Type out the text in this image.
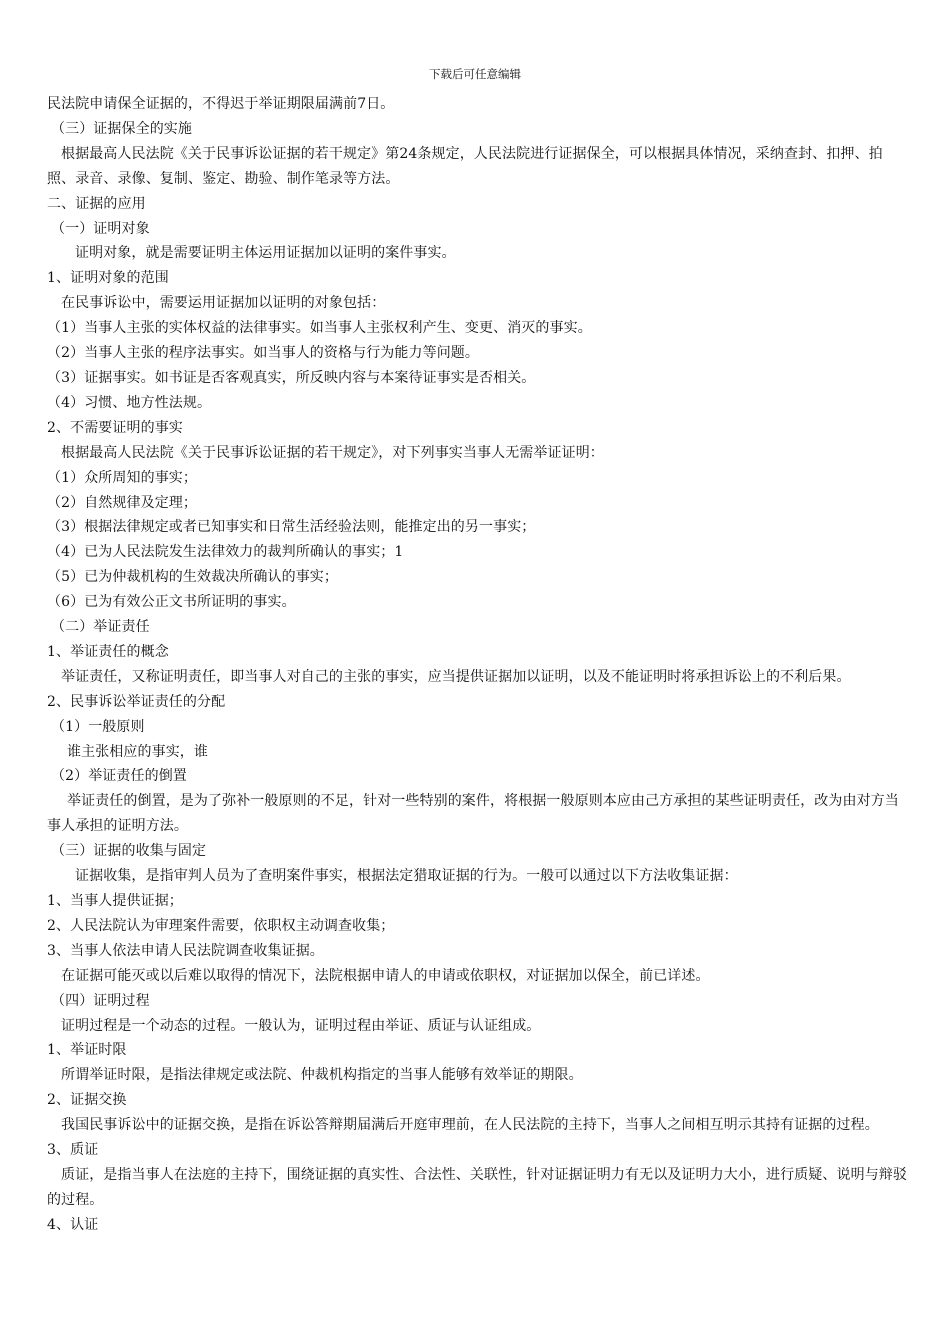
下载后可任意编辑

民法院申请保全证据的，不得迟于举证期限届满前7日。

（三）证据保全的实施

根据最高人民法院《关于民事诉讼证据的若干规定》第24条规定，人民法院进行证据保全，可以根据具体情况，采纳查封、扣押、拍照、录音、录像、复制、鉴定、勘验、制作笔录等方法。

二、证据的应用

（一）证明对象

证明对象，就是需要证明主体运用证据加以证明的案件事实。

1、证明对象的范围

在民事诉讼中，需要运用证据加以证明的对象包括：

（1）当事人主张的实体权益的法律事实。如当事人主张权利产生、变更、消灭的事实。

（2）当事人主张的程序法事实。如当事人的资格与行为能力等问题。

（3）证据事实。如书证是否客观真实，所反映内容与本案待证事实是否相关。

（4）习惯、地方性法规。

2、不需要证明的事实

根据最高人民法院《关于民事诉讼证据的若干规定》，对下列事实当事人无需举证证明：

（1）众所周知的事实；

（2）自然规律及定理；

（3）根据法律规定或者已知事实和日常生活经验法则，能推定出的另一事实；

（4）已为人民法院发生法律效力的裁判所确认的事实；1

（5）已为仲裁机构的生效裁决所确认的事实；

（6）已为有效公正文书所证明的事实。

（二）举证责任

1、举证责任的概念

举证责任，又称证明责任，即当事人对自己的主张的事实，应当提供证据加以证明，以及不能证明时将承担诉讼上的不利后果。

2、民事诉讼举证责任的分配

（1）一般原则

谁主张相应的事实，谁

（2）举证责任的倒置

举证责任的倒置，是为了弥补一般原则的不足，针对一些特别的案件，将根据一般原则本应由己方承担的某些证明责任，改为由对方当事人承担的证明方法。

（三）证据的收集与固定

证据收集，是指审判人员为了查明案件事实，根据法定猎取证据的行为。一般可以通过以下方法收集证据：

1、当事人提供证据；

2、人民法院认为审理案件需要，依职权主动调查收集；

3、当事人依法申请人民法院调查收集证据。

在证据可能灭或以后难以取得的情况下，法院根据申请人的申请或依职权，对证据加以保全，前已详述。

（四）证明过程

证明过程是一个动态的过程。一般认为，证明过程由举证、质证与认证组成。

1、举证时限

所谓举证时限，是指法律规定或法院、仲裁机构指定的当事人能够有效举证的期限。

2、证据交换

我国民事诉讼中的证据交换，是指在诉讼答辩期届满后开庭审理前，在人民法院的主持下，当事人之间相互明示其持有证据的过程。

3、质证

质证，是指当事人在法庭的主持下，围绕证据的真实性、合法性、关联性，针对证据证明力有无以及证明力大小，进行质疑、说明与辩驳的过程。

4、认证
